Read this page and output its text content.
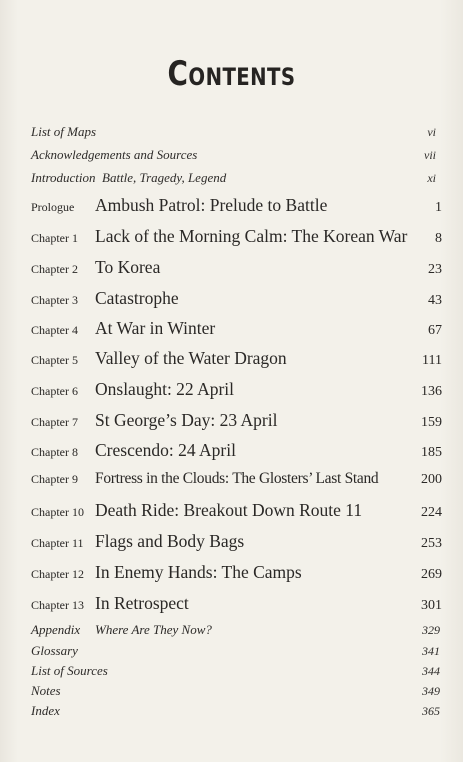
Contents
List of Maps	vi
Acknowledgements and Sources	vii
Introduction  Battle, Tragedy, Legend	xi
Prologue	Ambush Patrol: Prelude to Battle	1
Chapter 1 Lack of the Morning Calm: The Korean War	8
Chapter 2 To Korea	23
Chapter 3 Catastrophe	43
Chapter 4 At War in Winter	67
Chapter 5 Valley of the Water Dragon	111
Chapter 6 Onslaught: 22 April	136
Chapter 7 St George’s Day: 23 April	159
Chapter 8 Crescendo: 24 April	185
Chapter 9	Fortress in the Clouds: The Glosters’ Last Stand	200
Chapter 10 Death Ride: Breakout Down Route 11	224
Chapter 11 Flags and Body Bags	253
Chapter 12 In Enemy Hands: The Camps	269
Chapter 13 In Retrospect	301
Appendix	Where Are They Now?	329
Glossary	341
List of Sources	344
Notes	349
Index	365
